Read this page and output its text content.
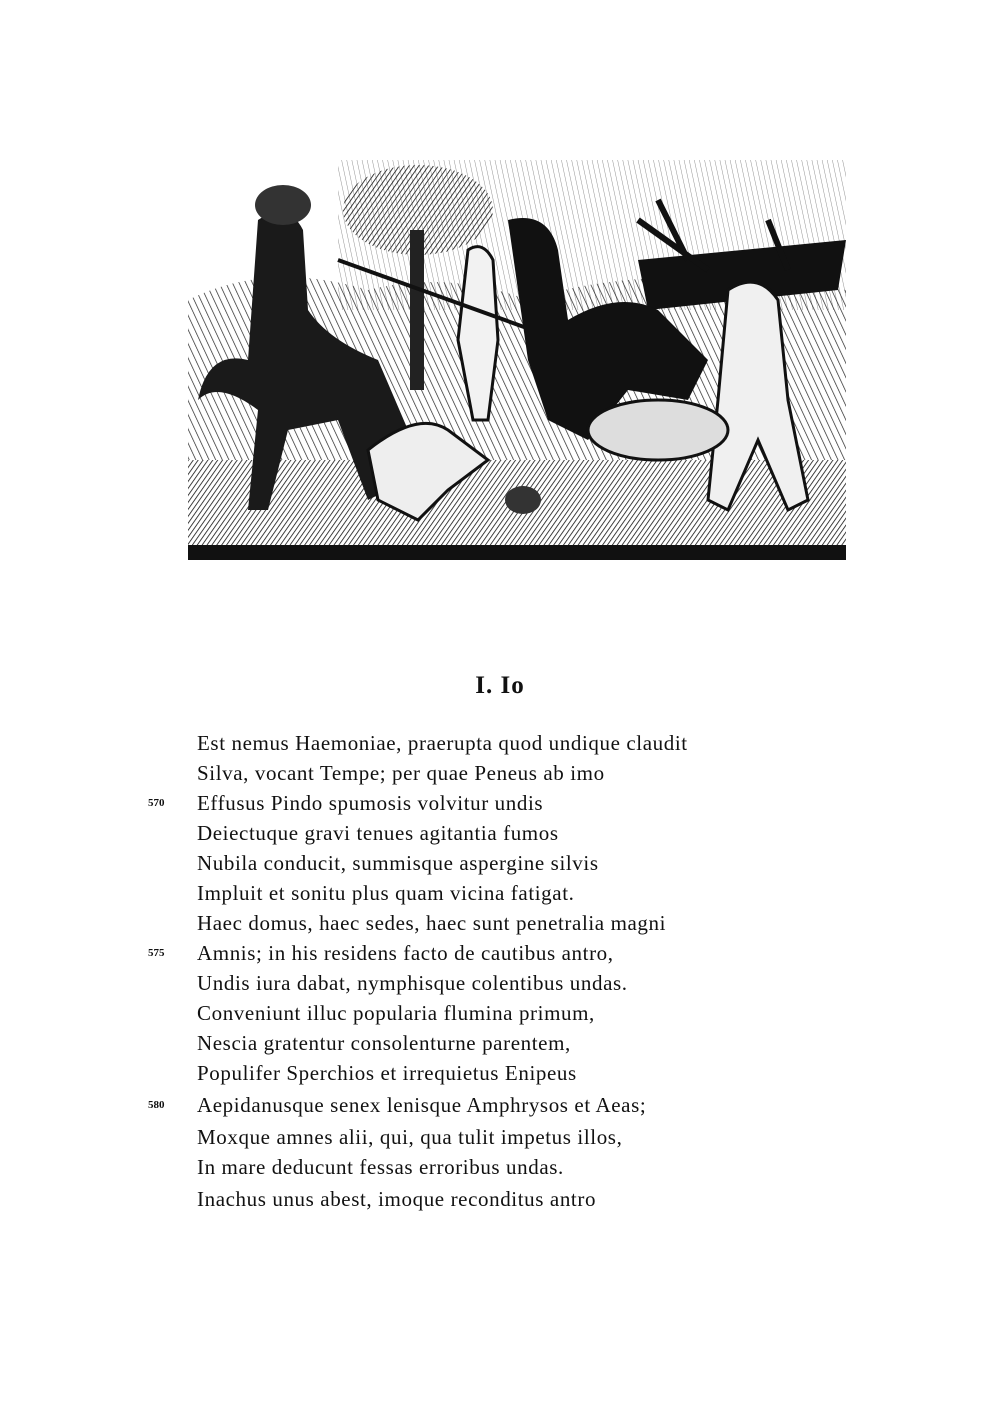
I. Io
Est nemus Haemoniae, praerupta quod undique claudit
Silva, vocant Tempe; per quae Peneus ab imo
570	Effusus Pindo spumosis volvitur undis
Deiectuque gravi tenues agitantia fumos
Nubila conducit, summisque aspergine silvis
Impluit et sonitu plus quam vicina fatigat.
Haec domus, haec sedes, haec sunt penetralia magni
575	Amnis; in his residens facto de cautibus antro,
Undis iura dabat, nymphisque colentibus undas.
Conveniunt illuc popularia flumina primum,
Nescia gratentur consolenturne parentem,
Populifer Sperchios et irrequietus Enipeus
580	Aepidanusque senex lenisque Amphrysos et Aeas;
Moxque amnes alii, qui, qua tulit impetus illos,
In mare deducunt fessas erroribus undas.
Inachus unus abest, imoque reconditus antro
